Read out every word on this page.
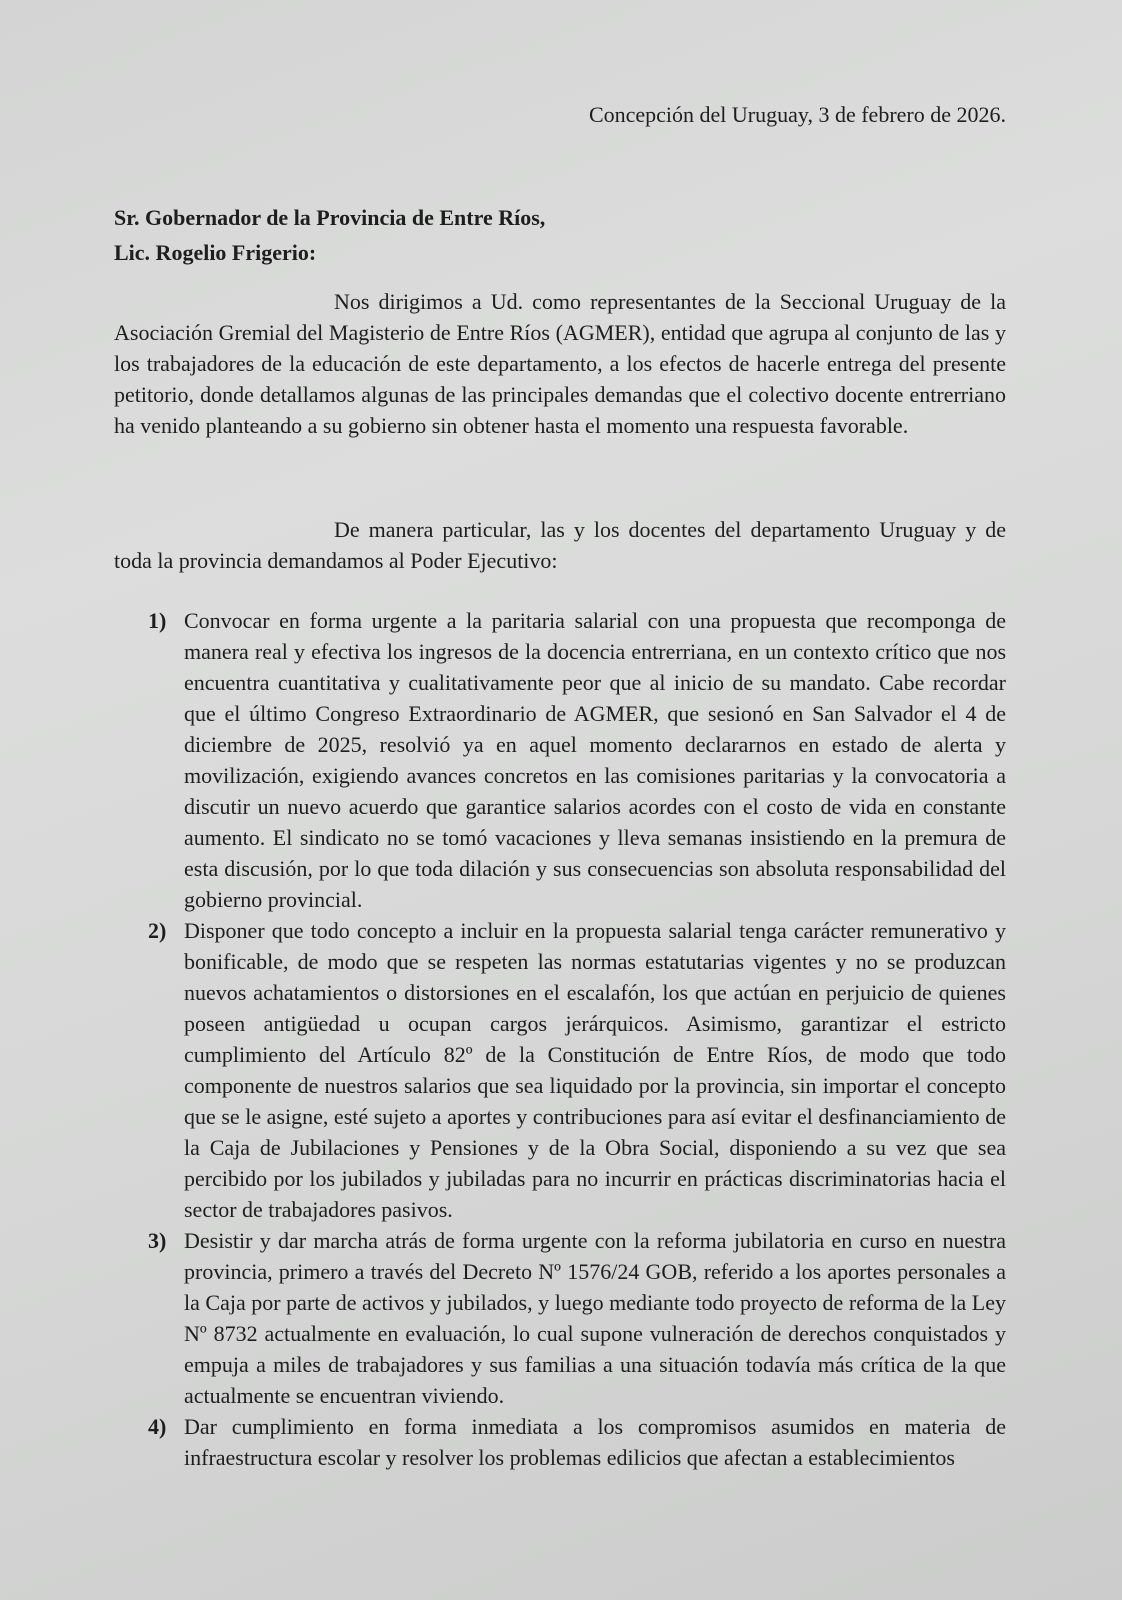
Concepción del Uruguay, 3 de febrero de 2026.
Sr. Gobernador de la Provincia de Entre Ríos,
Lic. Rogelio Frigerio:
Nos dirigimos a Ud. como representantes de la Seccional Uruguay de la Asociación Gremial del Magisterio de Entre Ríos (AGMER), entidad que agrupa al conjunto de las y los trabajadores de la educación de este departamento, a los efectos de hacerle entrega del presente petitorio, donde detallamos algunas de las principales demandas que el colectivo docente entrerriano ha venido planteando a su gobierno sin obtener hasta el momento una respuesta favorable.
De manera particular, las y los docentes del departamento Uruguay y de toda la provincia demandamos al Poder Ejecutivo:
1) Convocar en forma urgente a la paritaria salarial con una propuesta que recomponga de manera real y efectiva los ingresos de la docencia entrerriana, en un contexto crítico que nos encuentra cuantitativa y cualitativamente peor que al inicio de su mandato. Cabe recordar que el último Congreso Extraordinario de AGMER, que sesionó en San Salvador el 4 de diciembre de 2025, resolvió ya en aquel momento declararnos en estado de alerta y movilización, exigiendo avances concretos en las comisiones paritarias y la convocatoria a discutir un nuevo acuerdo que garantice salarios acordes con el costo de vida en constante aumento. El sindicato no se tomó vacaciones y lleva semanas insistiendo en la premura de esta discusión, por lo que toda dilación y sus consecuencias son absoluta responsabilidad del gobierno provincial.
2) Disponer que todo concepto a incluir en la propuesta salarial tenga carácter remunerativo y bonificable, de modo que se respeten las normas estatutarias vigentes y no se produzcan nuevos achatamientos o distorsiones en el escalafón, los que actúan en perjuicio de quienes poseen antigüedad u ocupan cargos jerárquicos. Asimismo, garantizar el estricto cumplimiento del Artículo 82º de la Constitución de Entre Ríos, de modo que todo componente de nuestros salarios que sea liquidado por la provincia, sin importar el concepto que se le asigne, esté sujeto a aportes y contribuciones para así evitar el desfinanciamiento de la Caja de Jubilaciones y Pensiones y de la Obra Social, disponiendo a su vez que sea percibido por los jubilados y jubiladas para no incurrir en prácticas discriminatorias hacia el sector de trabajadores pasivos.
3) Desistir y dar marcha atrás de forma urgente con la reforma jubilatoria en curso en nuestra provincia, primero a través del Decreto Nº 1576/24 GOB, referido a los aportes personales a la Caja por parte de activos y jubilados, y luego mediante todo proyecto de reforma de la Ley Nº 8732 actualmente en evaluación, lo cual supone vulneración de derechos conquistados y empuja a miles de trabajadores y sus familias a una situación todavía más crítica de la que actualmente se encuentran viviendo.
4) Dar cumplimiento en forma inmediata a los compromisos asumidos en materia de infraestructura escolar y resolver los problemas edilicios que afectan a establecimientos
